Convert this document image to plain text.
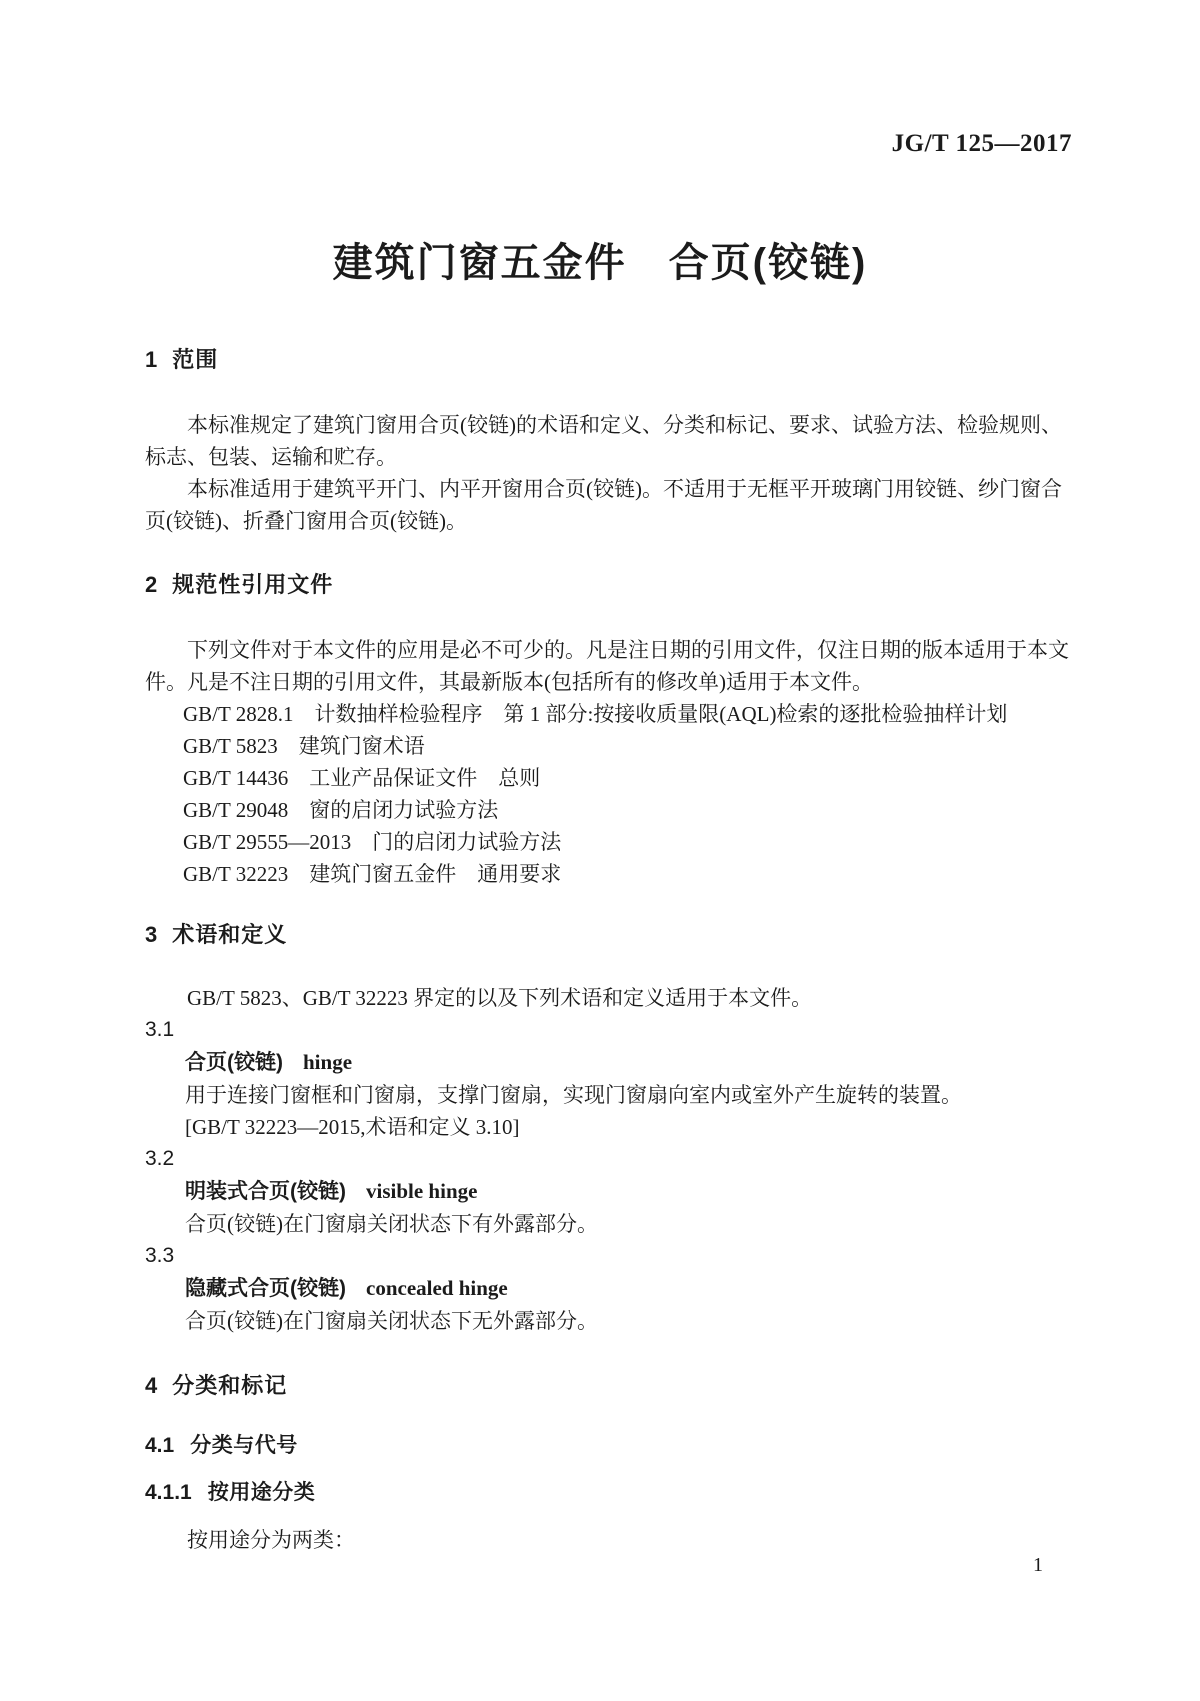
JG/T 125—2017
建筑门窗五金件　合页(铰链)
1 范围

本标准规定了建筑门窗用合页(铰链)的术语和定义、分类和标记、要求、试验方法、检验规则、标志、包装、运输和贮存。

本标准适用于建筑平开门、内平开窗用合页(铰链)。不适用于无框平开玻璃门用铰链、纱门窗合页(铰链)、折叠门窗用合页(铰链)。

2 规范性引用文件

下列文件对于本文件的应用是必不可少的。凡是注日期的引用文件，仅注日期的版本适用于本文件。凡是不注日期的引用文件，其最新版本(包括所有的修改单)适用于本文件。

GB/T 2828.1　计数抽样检验程序　第 1 部分:按接收质量限(AQL)检索的逐批检验抽样计划

GB/T 5823　建筑门窗术语

GB/T 14436　工业产品保证文件　总则

GB/T 29048　窗的启闭力试验方法

GB/T 29555—2013　门的启闭力试验方法

GB/T 32223　建筑门窗五金件　通用要求

3 术语和定义

GB/T 5823、GB/T 32223 界定的以及下列术语和定义适用于本文件。

3.1

合页(铰链) hinge

用于连接门窗框和门窗扇，支撑门窗扇，实现门窗扇向室内或室外产生旋转的装置。

[GB/T 32223—2015,术语和定义 3.10]

3.2

明装式合页(铰链) visible hinge

合页(铰链)在门窗扇关闭状态下有外露部分。

3.3

隐藏式合页(铰链) concealed hinge

合页(铰链)在门窗扇关闭状态下无外露部分。

4 分类和标记
4.1 分类与代号
4.1.1 按用途分类

按用途分为两类：

1
